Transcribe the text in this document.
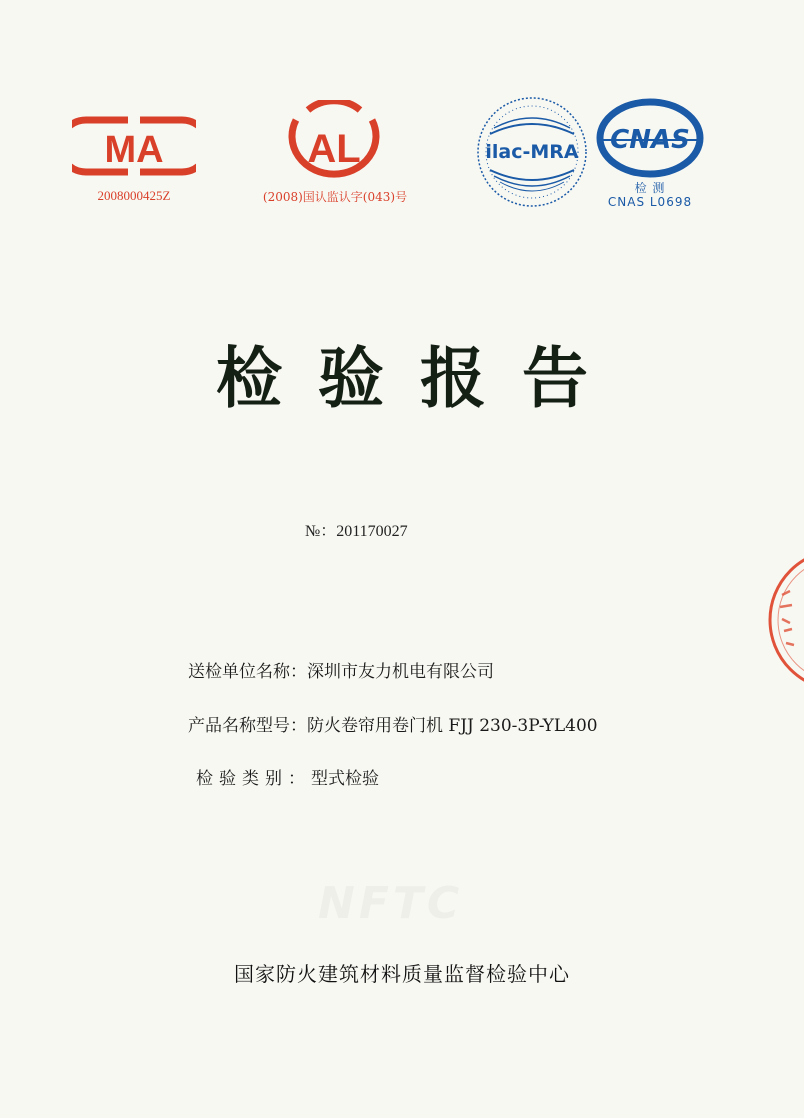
MA
2008000425Z
AL
(2008)国认监认字(043)号
ilac-MRA CNAS
检 测
CNAS L0698
检验报告
№：201170027
送检单位名称：深圳市友力机电有限公司
产品名称型号：防火卷帘用卷门机 FJJ 230-3P-YL400
检验类别：型式检验
NFTC
国家防火建筑材料质量监督检验中心
